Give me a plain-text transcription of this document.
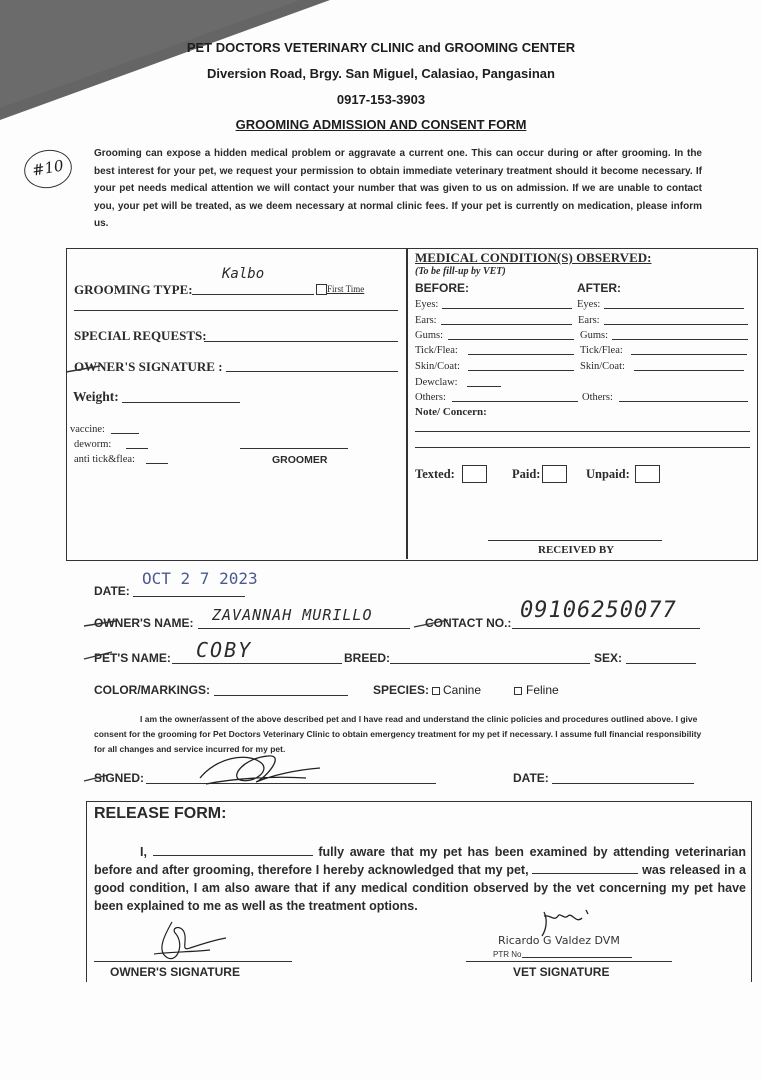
PET DOCTORS VETERINARY CLINIC and GROOMING CENTER
Diversion Road, Brgy. San Miguel, Calasiao, Pangasinan
0917-153-3903
GROOMING ADMISSION AND CONSENT FORM
#10
Grooming can expose a hidden medical problem or aggravate a current one. This can occur during or after grooming. In the best interest for your pet, we request your permission to obtain immediate veterinary treatment should it become necessary. If your pet needs medical attention we will contact your number that was given to us on admission. If we are unable to contact you, your pet will be treated, as we deem necessary at normal clinic fees. If your pet is currently on medication, please inform us.
GROOMING TYPE:
Kalbo
First Time
SPECIAL REQUESTS:
OWNER'S SIGNATURE :
Weight:
vaccine:
deworm:
anti tick&flea:	GROOMER
MEDICAL CONDITION(S) OBSERVED:
(To be fill-up by VET)
BEFORE:	AFTER:
Eyes:	Eyes:
Ears:	Ears:
Gums:	Gums:
Tick/Flea:	Tick/Flea:
Skin/Coat:	Skin/Coat:
Dewclaw:
Others:	Others:
Note/ Concern:
Texted:	Paid:	Unpaid:
RECEIVED BY
DATE:
OCT 2 7 2023
OWNER'S NAME: ZAVANNAH MURILLO	CONTACT NO.: 09106250077
PET'S NAME: COBY	BREED:	SEX:
COLOR/MARKINGS:	SPECIES: Canine	Feline
I am the owner/assent of the above described pet and I have read and understand the clinic policies and procedures outlined above. I give consent for the grooming for Pet Doctors Veterinary Clinic to obtain emergency treatment for my pet if necessary. I assume full financial responsibility for all changes and service incurred for my pet.
SIGNED:	DATE:
RELEASE FORM:
I,	fully aware that my pet has been examined by attending veterinarian before and after grooming, therefore I hereby acknowledged that my pet,	was released in a good condition, I am also aware that if any medical condition observed by the vet concerning my pet have been explained to me as well as the treatment options.
OWNER'S SIGNATURE
Ricardo G Valdez DVM
PTR No
VET SIGNATURE
